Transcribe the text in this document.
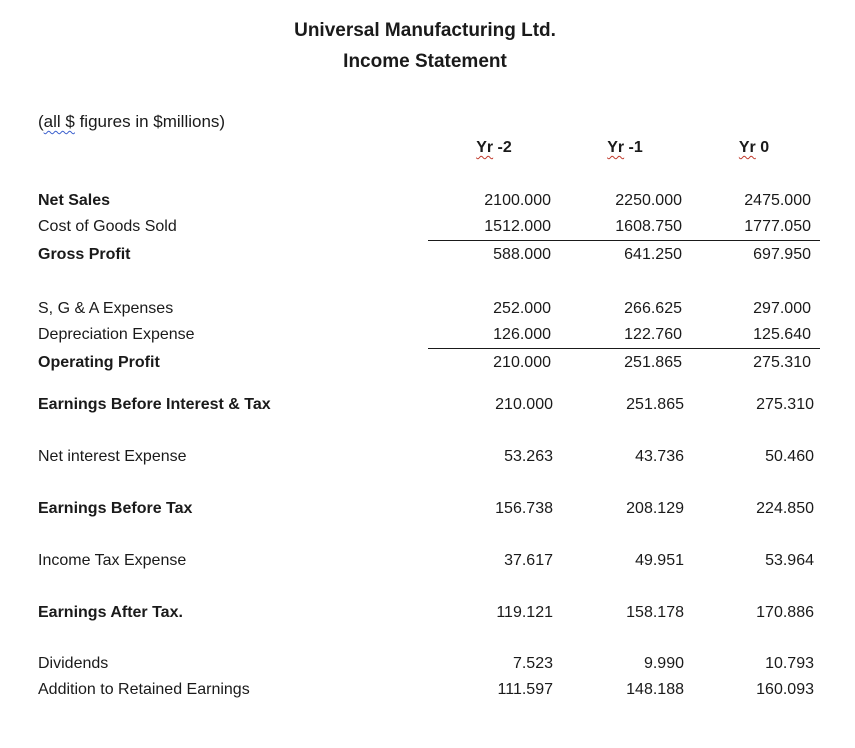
Universal Manufacturing Ltd.
Income Statement
(all $ figures in $millions)
Yr -2	Yr -1	Yr 0
Net Sales	2100.000	2250.000	2475.000
Cost of Goods Sold	1512.000	1608.750	1777.050
Gross Profit	588.000	641.250	697.950
S, G & A Expenses	252.000	266.625	297.000
Depreciation Expense	126.000	122.760	125.640
Operating Profit	210.000	251.865	275.310
Earnings Before Interest & Tax	210.000	251.865	275.310
Net interest Expense	53.263	43.736	50.460
Earnings Before Tax	156.738	208.129	224.850
Income Tax Expense	37.617	49.951	53.964
Earnings After Tax.	119.121	158.178	170.886
Dividends	7.523	9.990	10.793
Addition to Retained Earnings	111.597	148.188	160.093
